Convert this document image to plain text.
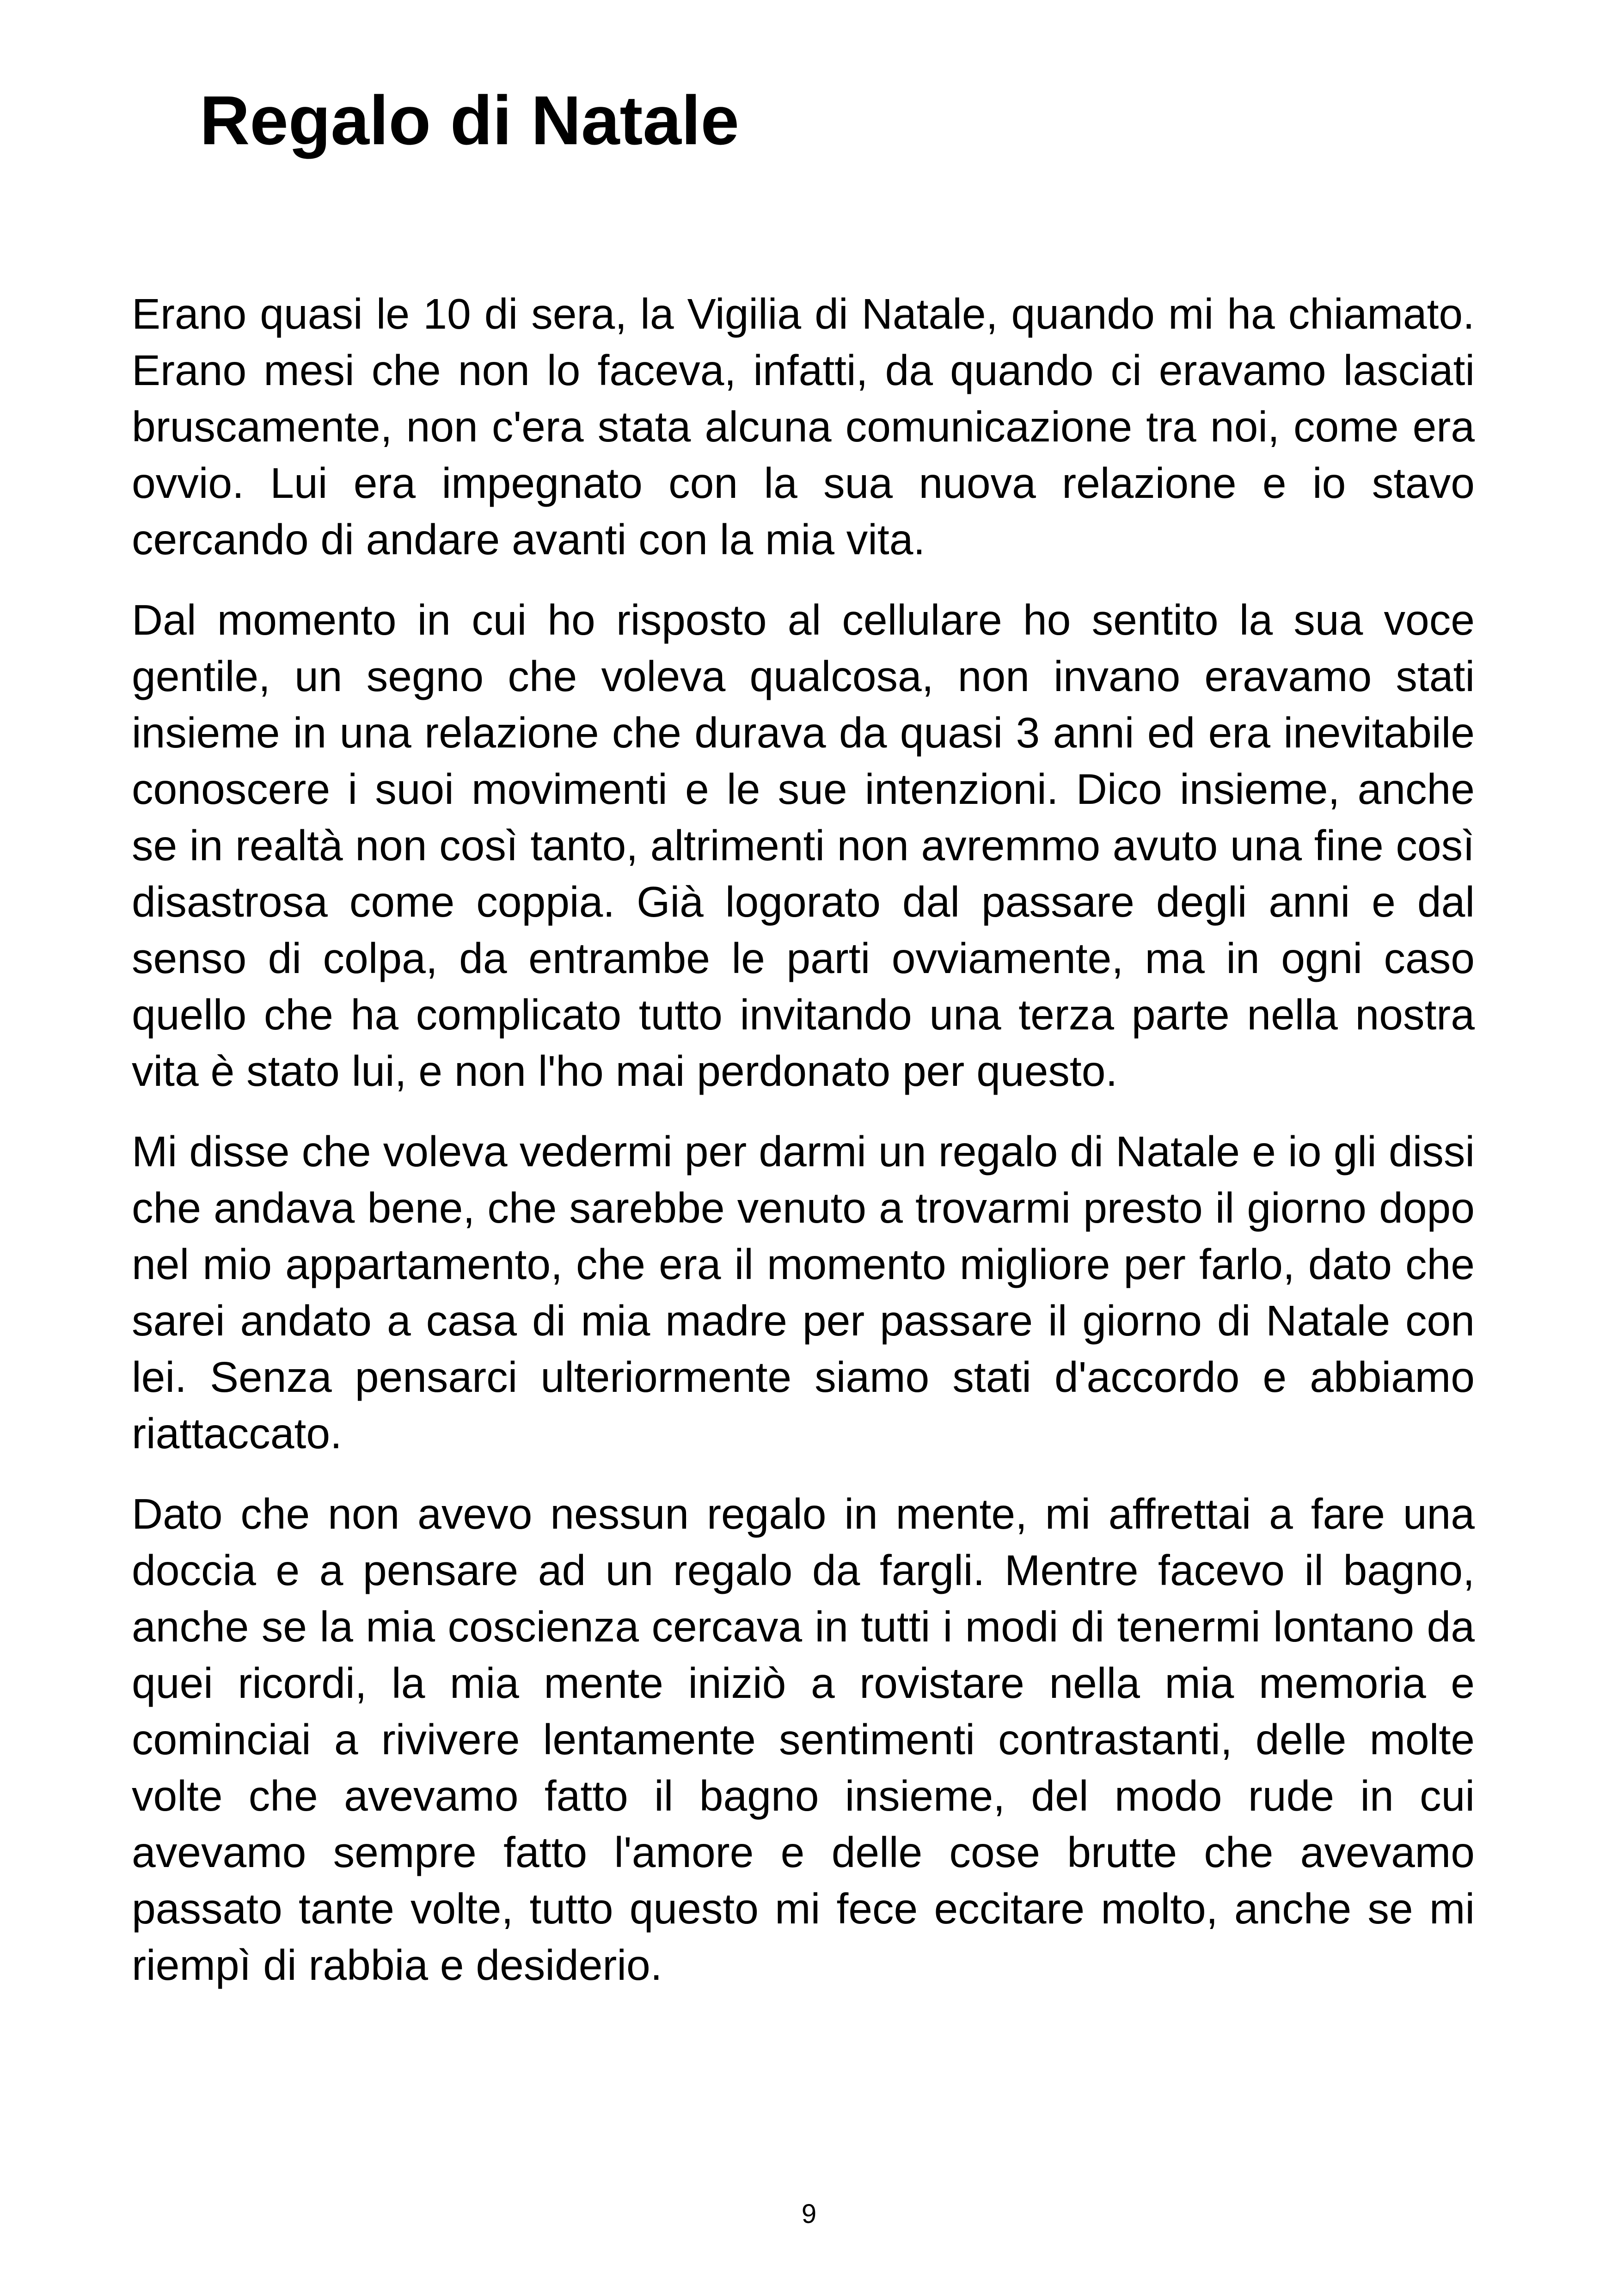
Regalo di Natale

Erano quasi le 10 di sera, la Vigilia di Natale, quando mi ha chiamato. Erano mesi che non lo faceva, infatti, da quando ci eravamo lasciati bruscamente, non c'era stata alcuna comunicazione tra noi, come era ovvio. Lui era impegnato con la sua nuova relazione e io stavo cercando di andare avanti con la mia vita.

Dal momento in cui ho risposto al cellulare ho sentito la sua voce gentile, un segno che voleva qualcosa, non invano eravamo stati insieme in una relazione che durava da quasi 3 anni ed era inevitabile conoscere i suoi movimenti e le sue intenzioni. Dico insieme, anche se in realtà non così tanto, altrimenti non avremmo avuto una fine così disastrosa come coppia. Già logorato dal passare degli anni e dal senso di colpa, da entrambe le parti ovviamente, ma in ogni caso quello che ha complicato tutto invitando una terza parte nella nostra vita è stato lui, e non l'ho mai perdonato per questo.

Mi disse che voleva vedermi per darmi un regalo di Natale e io gli dissi che andava bene, che sarebbe venuto a trovarmi presto il giorno dopo nel mio appartamento, che era il momento migliore per farlo, dato che sarei andato a casa di mia madre per passare il giorno di Natale con lei. Senza pensarci ulteriormente siamo stati d'accordo e abbiamo riattaccato.

Dato che non avevo nessun regalo in mente, mi affrettai a fare una doccia e a pensare ad un regalo da fargli. Mentre facevo il bagno, anche se la mia coscienza cercava in tutti i modi di tenermi lontano da quei ricordi, la mia mente iniziò a rovistare nella mia memoria e cominciai a rivivere lentamente sentimenti contrastanti, delle molte volte che avevamo fatto il bagno insieme, del modo rude in cui avevamo sempre fatto l'amore e delle cose brutte che avevamo passato tante volte, tutto questo mi fece eccitare molto, anche se mi riempì di rabbia e desiderio.

9
